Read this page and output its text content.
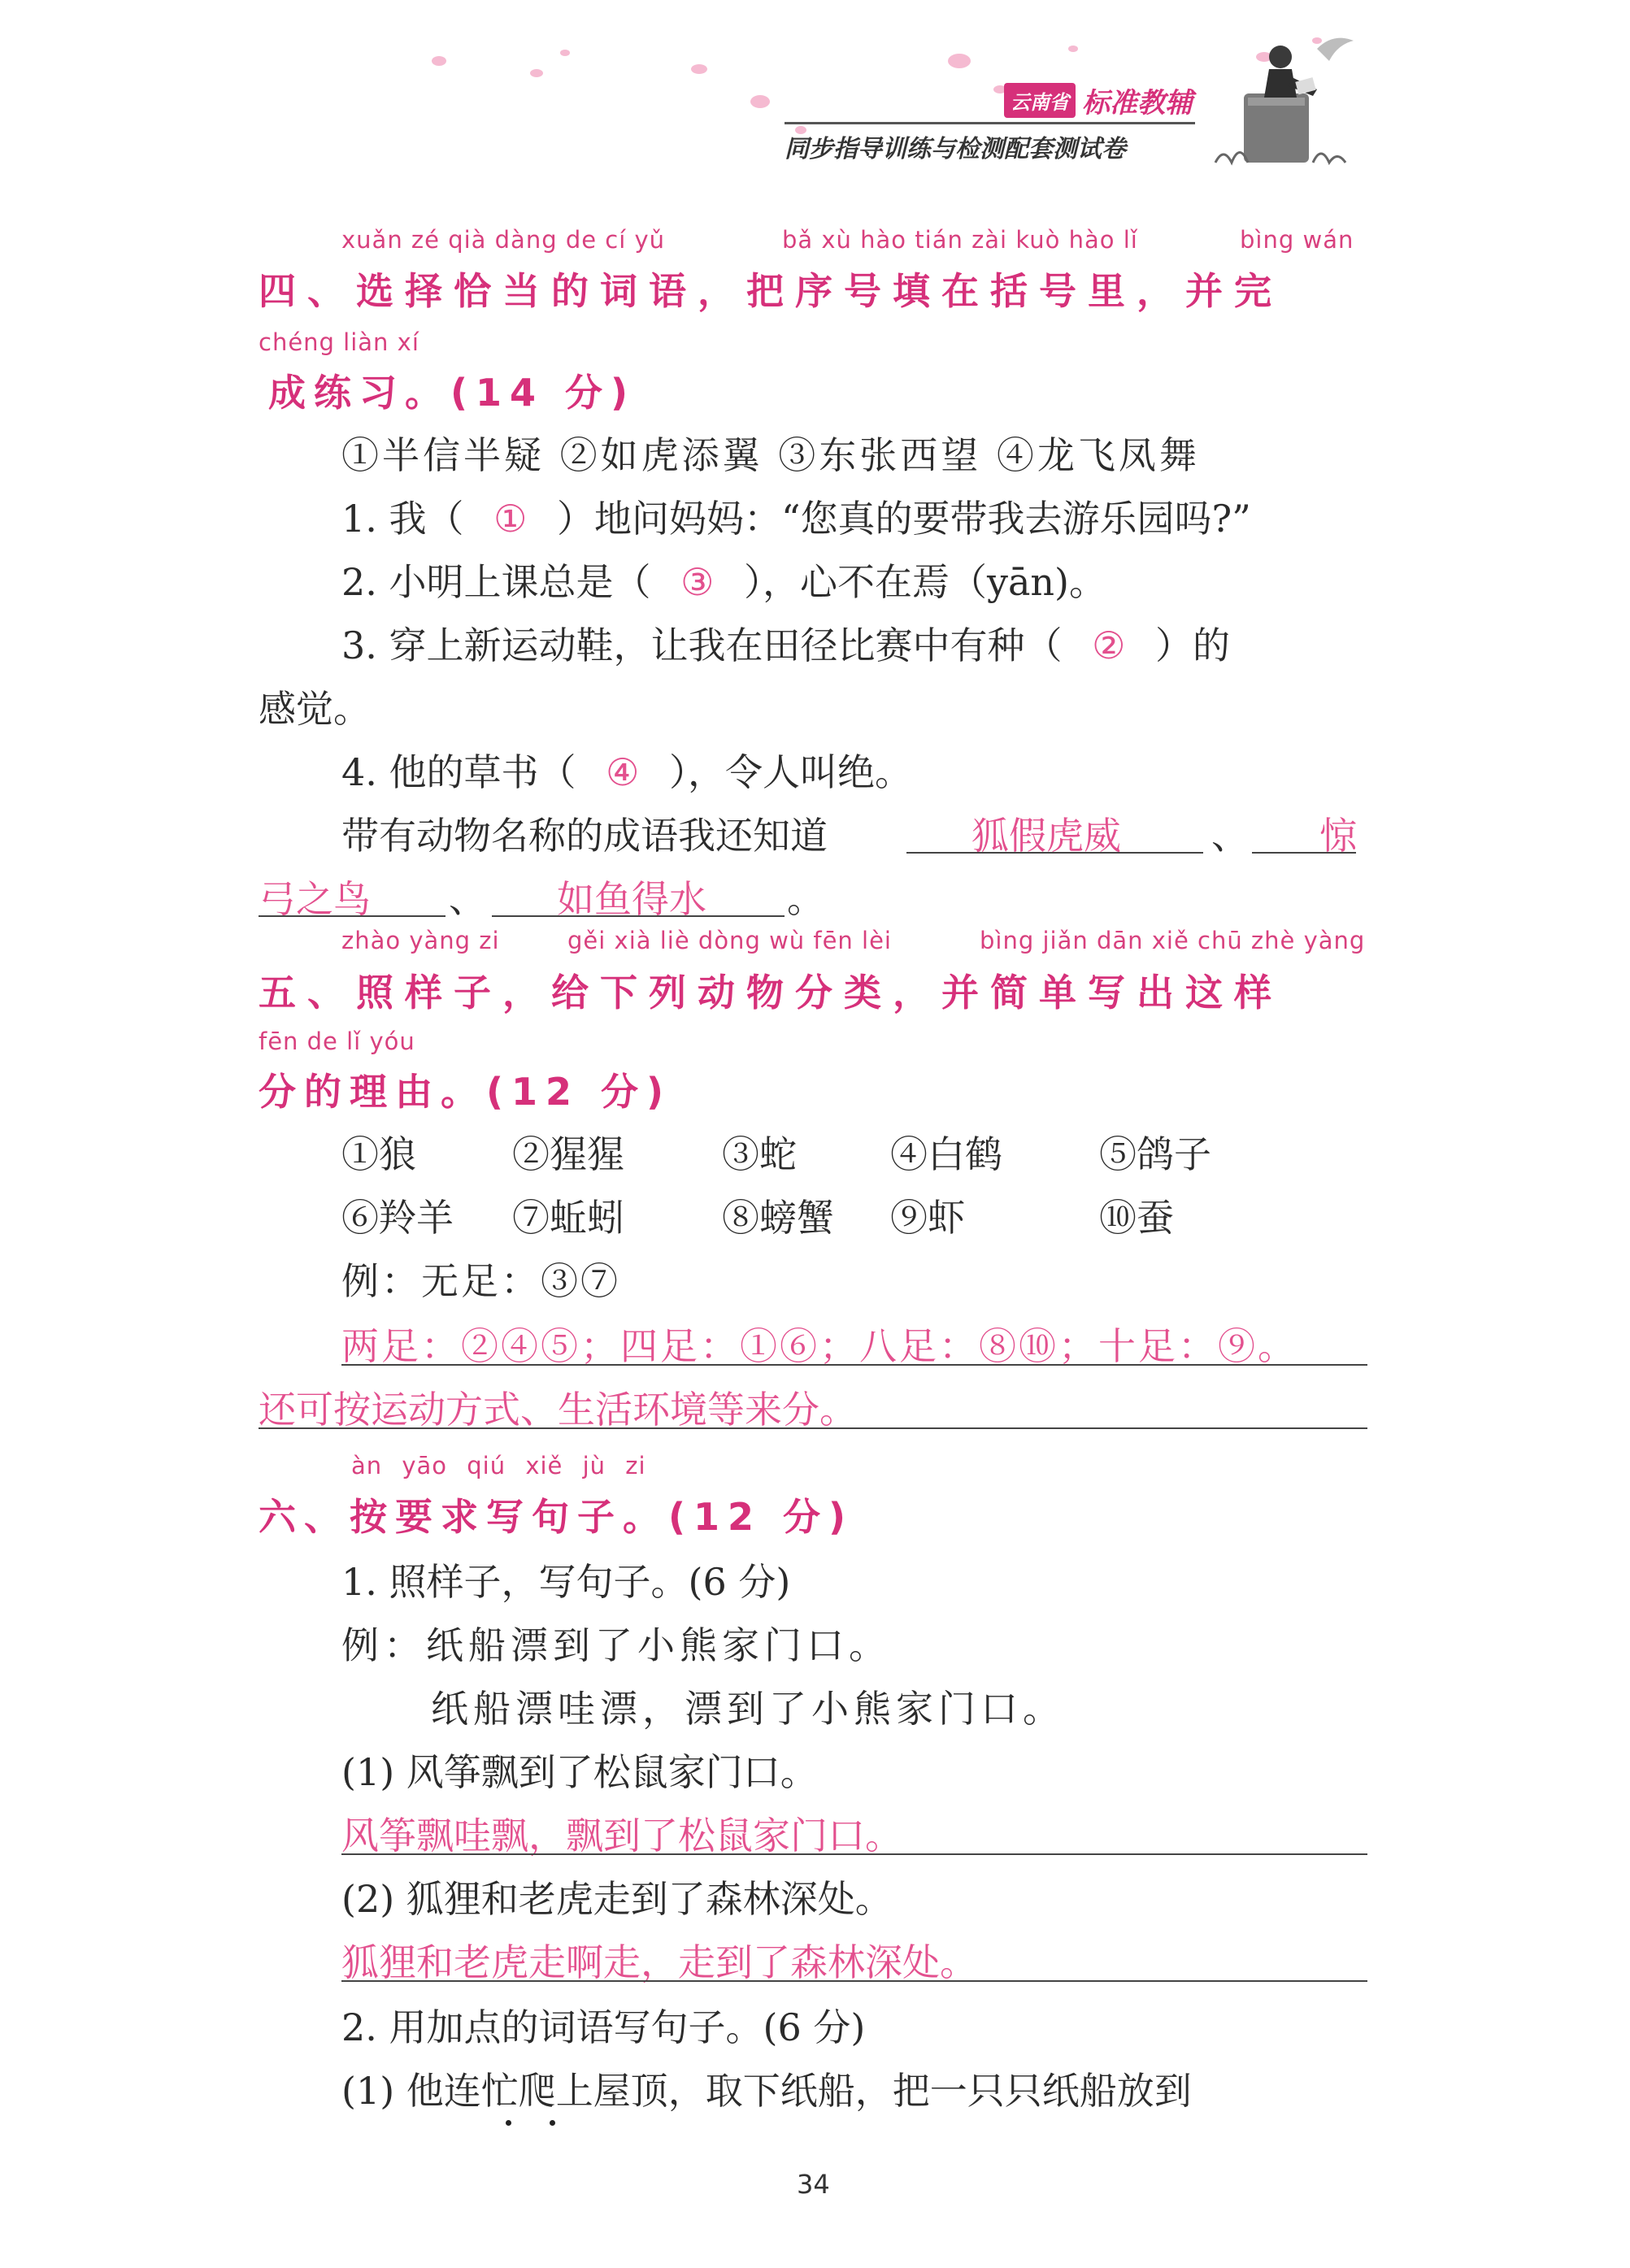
云南省 标准教辅
同步指导训练与检测配套测试卷
xuǎn zé qià dàng de cí yǔ	bǎ xù hào tián zài kuò hào lǐ	bìng wán
四、选择恰当的词语，把序号填在括号里，并完
chéng liàn xí
成练习。(14 分)
①半信半疑 ②如虎添翼 ③东张西望 ④龙飞凤舞
1. 我（ ① ）地问妈妈：“您真的要带我去游乐园吗?”
2. 小明上课总是（ ③ ），心不在焉（yān)。
3. 穿上新运动鞋，让我在田径比赛中有种（ ② ）的
感觉。
4. 他的草书（ ④ ），令人叫绝。
带有动物名称的成语我还知道	狐假虎威 、 惊
弓之鸟 、 如鱼得水 。
zhào yàng zi	gěi xià liè dòng wù fēn lèi	bìng jiǎn dān xiě chū zhè yàng
五、照样子，给下列动物分类，并简单写出这样
fēn de lǐ yóu
分的理由。(12 分)
①狼	②猩猩	③蛇	④白鹤	⑤鸽子
⑥羚羊 ⑦蚯蚓	⑧螃蟹 ⑨虾	⑩蚕
例：无足：③⑦
两足：②④⑤；四足：①⑥；八足：⑧⑩；十足：⑨。
还可按运动方式、生活环境等来分。
àn yāo qiú xiě jù zi
六、按要求写句子。(12 分)
1. 照样子，写句子。(6 分)
例：纸船漂到了小熊家门口。
纸船漂哇漂，漂到了小熊家门口。
(1) 风筝飘到了松鼠家门口。
风筝飘哇飘，飘到了松鼠家门口。
(2) 狐狸和老虎走到了森林深处。
狐狸和老虎走啊走，走到了森林深处。
2. 用加点的词语写句子。(6 分)
(1) 他连忙爬上屋顶，取下纸船，把一只只纸船放到
34
